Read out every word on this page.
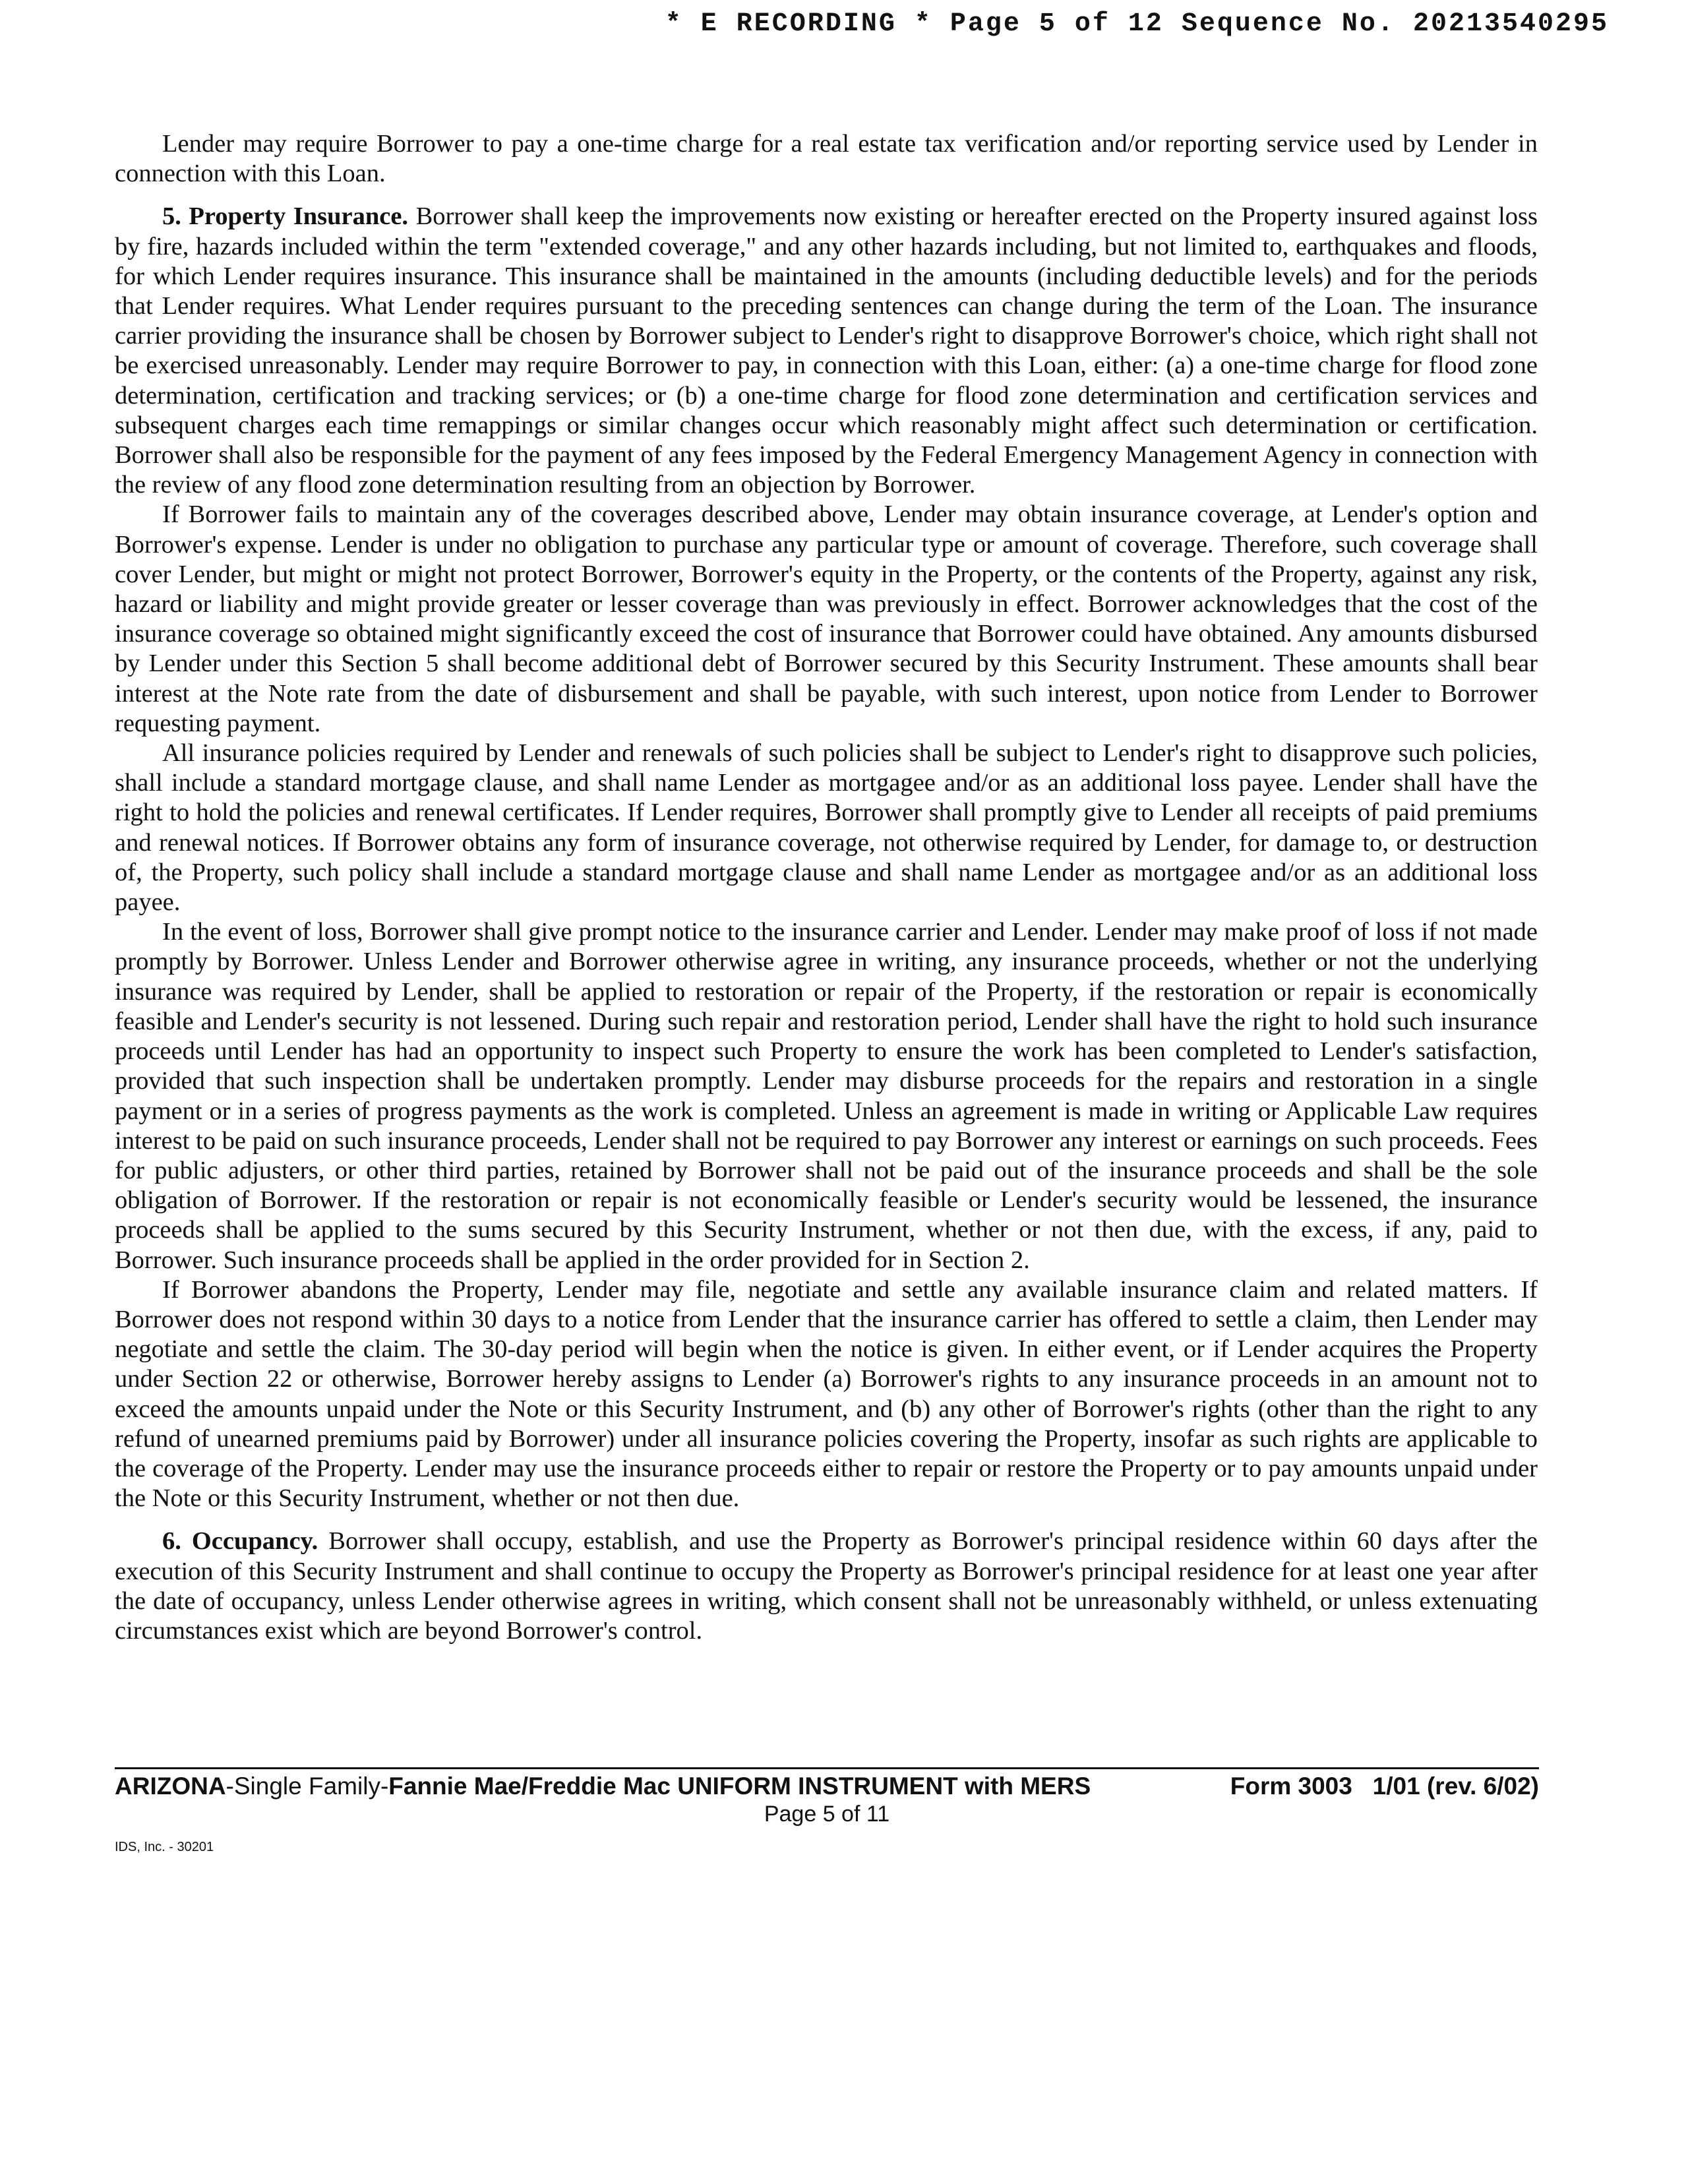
* E RECORDING * Page 5 of 12 Sequence No. 20213540295

Lender may require Borrower to pay a one-time charge for a real estate tax verification and/or reporting service used by Lender in connection with this Loan.

5. Property Insurance. Borrower shall keep the improvements now existing or hereafter erected on the Property insured against loss by fire, hazards included within the term "extended coverage," and any other hazards including, but not limited to, earthquakes and floods, for which Lender requires insurance. This insurance shall be maintained in the amounts (including deductible levels) and for the periods that Lender requires. What Lender requires pursuant to the preceding sentences can change during the term of the Loan. The insurance carrier providing the insurance shall be chosen by Borrower subject to Lender's right to disapprove Borrower's choice, which right shall not be exercised unreasonably. Lender may require Borrower to pay, in connection with this Loan, either: (a) a one-time charge for flood zone determination, certification and tracking services; or (b) a one-time charge for flood zone determination and certification services and subsequent charges each time remappings or similar changes occur which reasonably might affect such determination or certification. Borrower shall also be responsible for the payment of any fees imposed by the Federal Emergency Management Agency in connection with the review of any flood zone determination resulting from an objection by Borrower.

If Borrower fails to maintain any of the coverages described above, Lender may obtain insurance coverage, at Lender's option and Borrower's expense. Lender is under no obligation to purchase any particular type or amount of coverage. Therefore, such coverage shall cover Lender, but might or might not protect Borrower, Borrower's equity in the Property, or the contents of the Property, against any risk, hazard or liability and might provide greater or lesser coverage than was previously in effect. Borrower acknowledges that the cost of the insurance coverage so obtained might significantly exceed the cost of insurance that Borrower could have obtained. Any amounts disbursed by Lender under this Section 5 shall become additional debt of Borrower secured by this Security Instrument. These amounts shall bear interest at the Note rate from the date of disbursement and shall be payable, with such interest, upon notice from Lender to Borrower requesting payment.

All insurance policies required by Lender and renewals of such policies shall be subject to Lender's right to disapprove such policies, shall include a standard mortgage clause, and shall name Lender as mortgagee and/or as an additional loss payee. Lender shall have the right to hold the policies and renewal certificates. If Lender requires, Borrower shall promptly give to Lender all receipts of paid premiums and renewal notices. If Borrower obtains any form of insurance coverage, not otherwise required by Lender, for damage to, or destruction of, the Property, such policy shall include a standard mortgage clause and shall name Lender as mortgagee and/or as an additional loss payee.

In the event of loss, Borrower shall give prompt notice to the insurance carrier and Lender. Lender may make proof of loss if not made promptly by Borrower. Unless Lender and Borrower otherwise agree in writing, any insurance proceeds, whether or not the underlying insurance was required by Lender, shall be applied to restoration or repair of the Property, if the restoration or repair is economically feasible and Lender's security is not lessened. During such repair and restoration period, Lender shall have the right to hold such insurance proceeds until Lender has had an opportunity to inspect such Property to ensure the work has been completed to Lender's satisfaction, provided that such inspection shall be undertaken promptly. Lender may disburse proceeds for the repairs and restoration in a single payment or in a series of progress payments as the work is completed. Unless an agreement is made in writing or Applicable Law requires interest to be paid on such insurance proceeds, Lender shall not be required to pay Borrower any interest or earnings on such proceeds. Fees for public adjusters, or other third parties, retained by Borrower shall not be paid out of the insurance proceeds and shall be the sole obligation of Borrower. If the restoration or repair is not economically feasible or Lender's security would be lessened, the insurance proceeds shall be applied to the sums secured by this Security Instrument, whether or not then due, with the excess, if any, paid to Borrower. Such insurance proceeds shall be applied in the order provided for in Section 2.

If Borrower abandons the Property, Lender may file, negotiate and settle any available insurance claim and related matters. If Borrower does not respond within 30 days to a notice from Lender that the insurance carrier has offered to settle a claim, then Lender may negotiate and settle the claim. The 30-day period will begin when the notice is given. In either event, or if Lender acquires the Property under Section 22 or otherwise, Borrower hereby assigns to Lender (a) Borrower's rights to any insurance proceeds in an amount not to exceed the amounts unpaid under the Note or this Security Instrument, and (b) any other of Borrower's rights (other than the right to any refund of unearned premiums paid by Borrower) under all insurance policies covering the Property, insofar as such rights are applicable to the coverage of the Property. Lender may use the insurance proceeds either to repair or restore the Property or to pay amounts unpaid under the Note or this Security Instrument, whether or not then due.

6. Occupancy. Borrower shall occupy, establish, and use the Property as Borrower's principal residence within 60 days after the execution of this Security Instrument and shall continue to occupy the Property as Borrower's principal residence for at least one year after the date of occupancy, unless Lender otherwise agrees in writing, which consent shall not be unreasonably withheld, or unless extenuating circumstances exist which are beyond Borrower's control.

ARIZONA-Single Family-Fannie Mae/Freddie Mac UNIFORM INSTRUMENT with MERS	Form 3003   1/01 (rev. 6/02)
Page 5 of 11
IDS, Inc. - 30201
